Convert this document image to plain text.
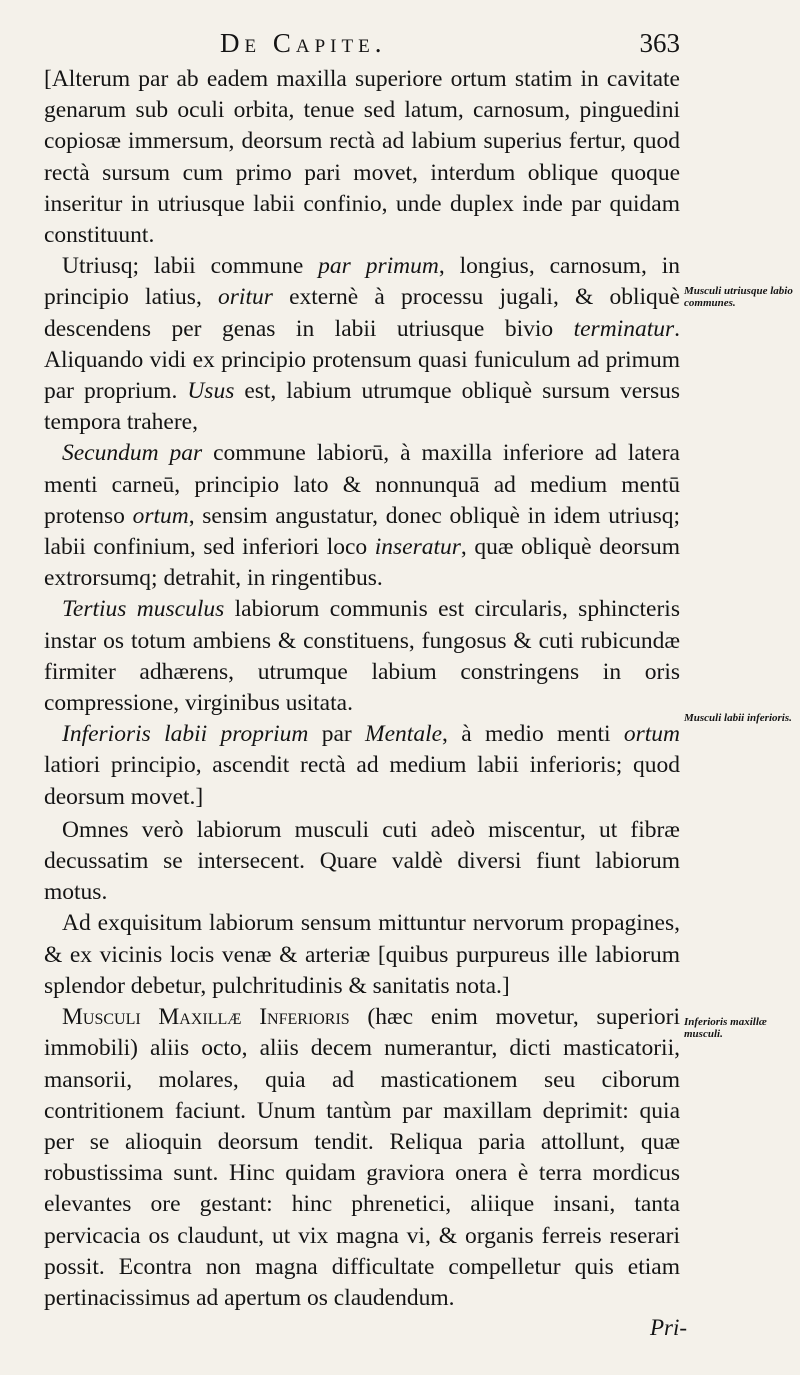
De Capite.	363

[Alterum par ab eadem maxilla superiore ortum statim in cavitate genarum sub oculi orbita, tenue sed latum, carnosum, pinguedini copiosæ immersum, deorsum rectà ad labium superius fertur, quod rectà sursum cum primo pari movet, interdum oblique quoque inseritur in utriusque labii confinio, unde duplex inde par quidam constituunt.

Utriusq; labii commune par primum, longius, carnosum, in principio latius, oritur externè à processu jugali, & obliquè descendens per genas in labii utriusque bivio terminatur. Aliquando vidi ex principio protensum quasi funiculum ad primum par proprium. Usus est, labium utrumque obliquè sursum versus tempora trahere,

Secundum par commune labiorū, à maxilla inferiore ad latera menti carneū, principio lato & nonnunquā ad medium mentū protenso ortum, sensim angustatur, donec obliquè in idem utriusq; labii confinium, sed inferiori loco inseratur, quæ obliquè deorsum extrorsumq; detrahit, in ringentibus.

Tertius musculus labiorum communis est circularis, sphincteris instar os totum ambiens & constituens, fungosus & cuti rubicundæ firmiter adhærens, utrumque labium constringens in oris compressione, virginibus usitata.

Inferioris labii proprium par Mentale, à medio menti ortum latiori principio, ascendit rectà ad medium labii inferioris; quod deorsum movet.]

Omnes verò labiorum musculi cuti adeò miscentur, ut fibræ decussatim se intersecent. Quare valdè diversi fiunt labiorum motus.

Ad exquisitum labiorum sensum mittuntur nervorum propagines, & ex vicinis locis venæ & arteriæ [quibus purpureus ille labiorum splendor debetur, pulchritudinis & sanitatis nota.]

Musculi Maxillæ Inferioris (hæc enim movetur, superiori immobili) aliis octo, aliis decem numerantur, dicti masticatorii, mansorii, molares, quia ad masticationem seu ciborum contritionem faciunt. Unum tantùm par maxillam deprimit: quia per se alioquin deorsum tendit. Reliqua paria attollunt, quæ robustissima sunt. Hinc quidam graviora onera è terra mordicus elevantes ore gestant: hinc phrenetici, aliique insani, tanta pervicacia os claudunt, ut vix magna vi, & organis ferreis reserari possit. Econtra non magna difficultate compelletur quis etiam pertinacissimus ad apertum os claudendum.

Musculi utriusque labio communes.
Musculi labii inferioris.
Inferioris maxillæ musculi.
Pri-
